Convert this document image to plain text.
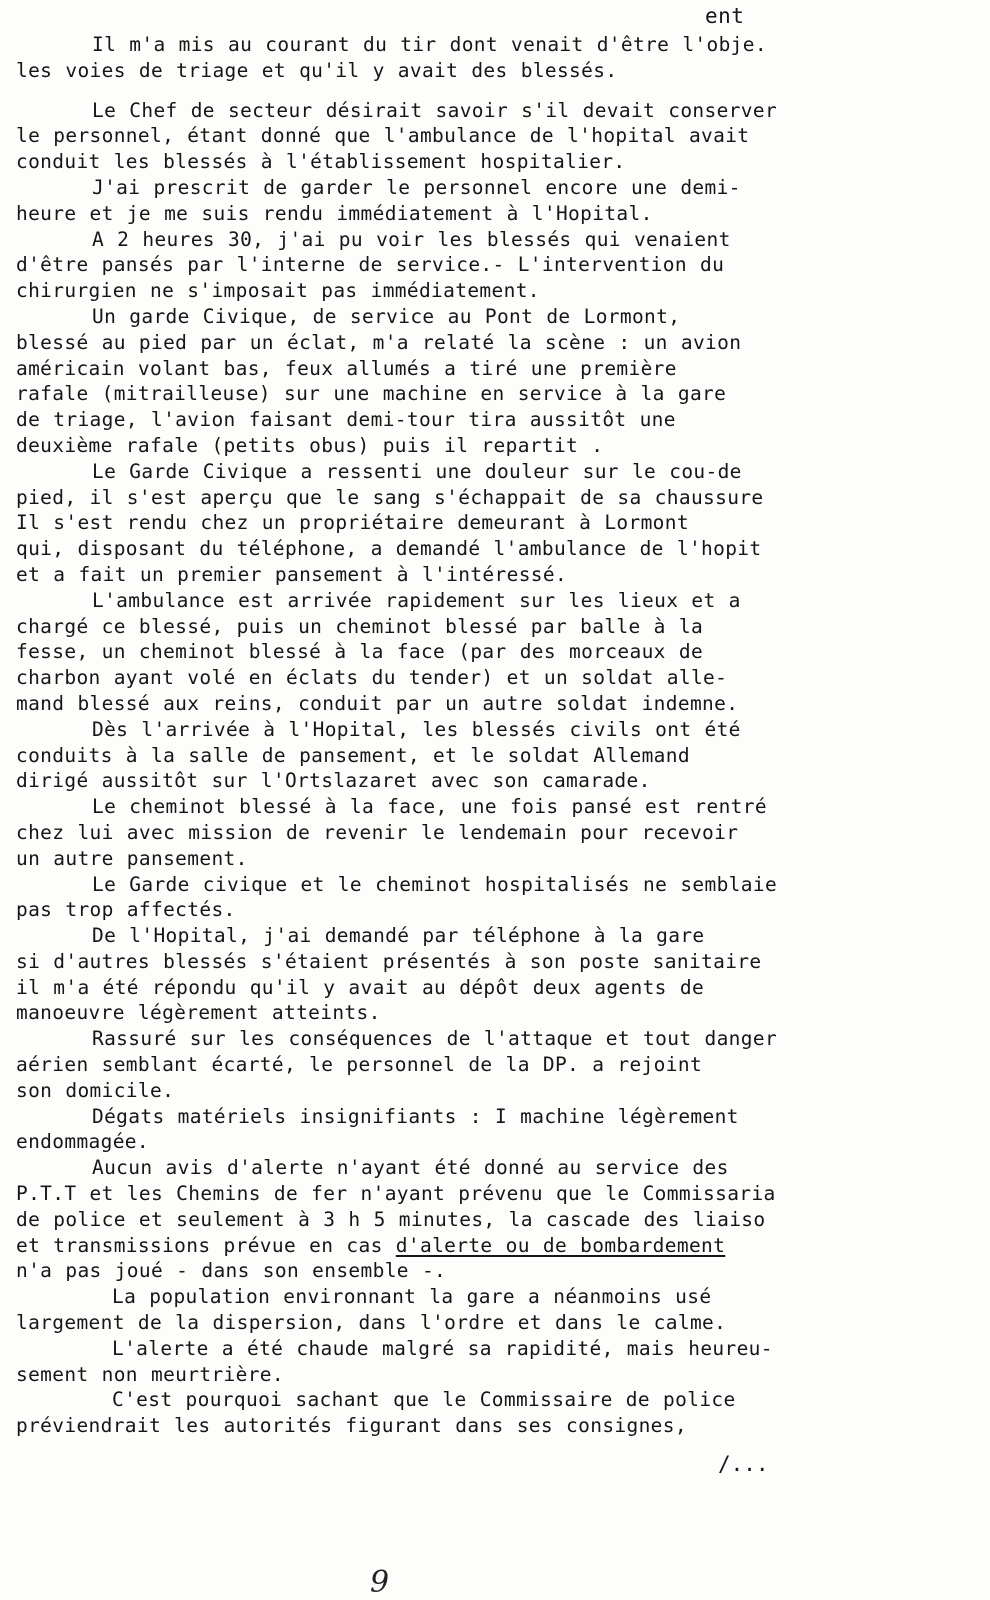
ent
Il m'a mis au courant du tir dont venait d'être l'obje.
les voies de triage et qu'il y avait des blessés.
Le Chef de secteur désirait savoir s'il devait conserver
le personnel, étant donné que l'ambulance de l'hopital avait
conduit les blessés à l'établissement hospitalier.
J'ai prescrit de garder le personnel encore une demi-
heure et je me suis rendu immédiatement à l'Hopital.
A 2 heures 30, j'ai pu voir les blessés qui venaient
d'être pansés par l'interne de service.- L'intervention du
chirurgien ne s'imposait pas immédiatement.
Un garde Civique, de service au Pont de Lormont,
blessé au pied par un éclat, m'a relaté la scène : un avion
américain volant bas, feux allumés a tiré une première
rafale (mitrailleuse) sur une machine en service à la gare
de triage, l'avion faisant demi-tour tira aussitôt une
deuxième rafale (petits obus) puis il repartit .
Le Garde Civique a ressenti une douleur sur le cou-de
pied, il s'est aperçu que le sang s'échappait de sa chaussure
Il s'est rendu chez un propriétaire demeurant à Lormont
qui, disposant du téléphone, a demandé l'ambulance de l'hopit
et a fait un premier pansement à l'intéressé.
L'ambulance est arrivée rapidement sur les lieux et a
chargé ce blessé, puis un cheminot blessé par balle à la
fesse, un cheminot blessé à la face (par des morceaux de
charbon ayant volé en éclats du tender) et un soldat alle-
mand blessé aux reins, conduit par un autre soldat indemne.
Dès l'arrivée à l'Hopital, les blessés civils ont été
conduits à la salle de pansement, et le soldat Allemand
dirigé aussitôt sur l'Ortslazaret avec son camarade.
Le cheminot blessé à la face, une fois pansé est rentré
chez lui avec mission de revenir le lendemain pour recevoir
un autre pansement.
Le Garde civique et le cheminot hospitalisés ne semblaie
pas trop affectés.
De l'Hopital, j'ai demandé par téléphone à la gare
si d'autres blessés s'étaient présentés à son poste sanitaire
il m'a été répondu qu'il y avait au dépôt deux agents de
manoeuvre légèrement atteints.
Rassuré sur les conséquences de l'attaque et tout danger
aérien semblant écarté, le personnel de la DP. a rejoint
son domicile.
Dégats matériels insignifiants : I machine légèrement
endommagée.
Aucun avis d'alerte n'ayant été donné au service des
P.T.T et les Chemins de fer n'ayant prévenu que le Commissaria
de police et seulement à 3 h 5 minutes, la cascade des liaiso
et transmissions prévue en cas d'alerte ou de bombardement
n'a pas joué - dans son ensemble -.
La population environnant la gare a néanmoins usé
largement de la dispersion, dans l'ordre et dans le calme.
L'alerte a été chaude malgré sa rapidité, mais heureu-
sement non meurtrière.
C'est pourquoi sachant que le Commissaire de police
préviendrait les autorités figurant dans ses consignes,
/...
9
